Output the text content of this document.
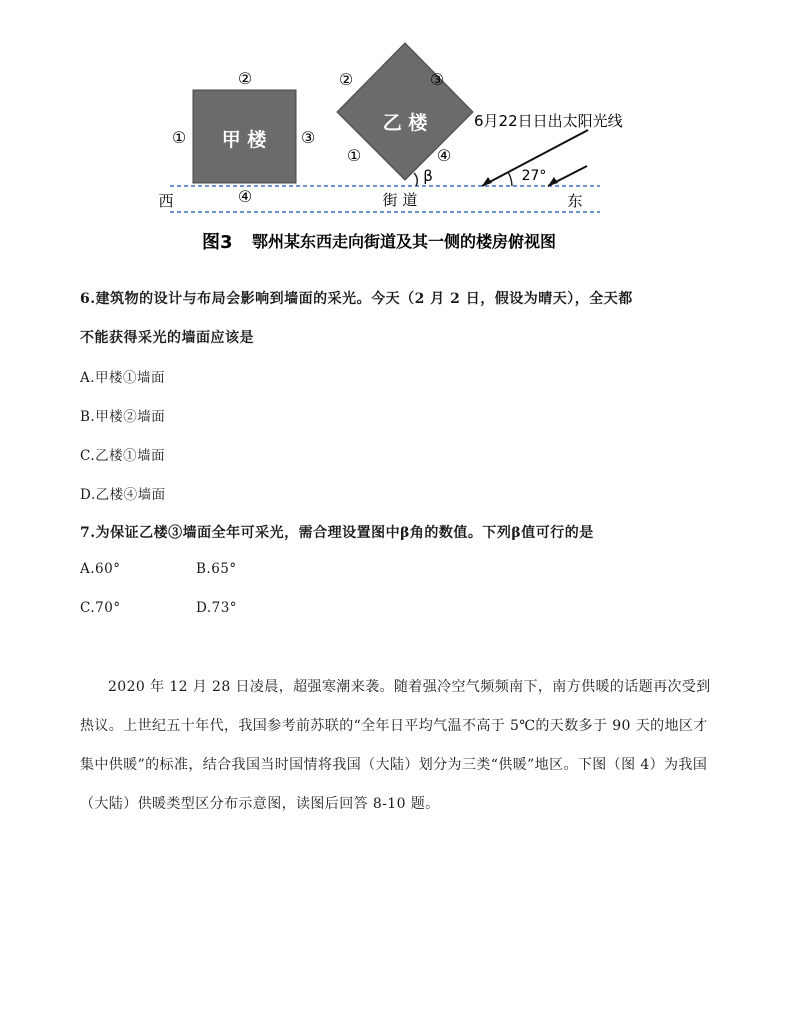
甲 楼
①
②
③
④
乙 楼
②	③
①	④
β
西	街 道	东
27°
6月22日日出太阳光线
图3 鄂州某东西走向街道及其一侧的楼房俯视图
6.建筑物的设计与布局会影响到墙面的采光。今天（2 月 2 日，假设为晴天），全天都
不能获得采光的墙面应该是
A.甲楼①墙面
B.甲楼②墙面
C.乙楼①墙面
D.乙楼④墙面
7.为保证乙楼③墙面全年可采光，需合理设置图中β角的数值。下列β值可行的是
A.60°	B.65°
C.70°	D.73°
2020 年 12 月 28 日凌晨，超强寒潮来袭。随着强冷空气频频南下，南方供暖的话题再次受到热议。上世纪五十年代，我国参考前苏联的“全年日平均气温不高于 5℃的天数多于 90 天的地区才集中供暖”的标准，结合我国当时国情将我国（大陆）划分为三类“供暖”地区。下图（图 4）为我国（大陆）供暖类型区分布示意图，读图后回答 8-10 题。
